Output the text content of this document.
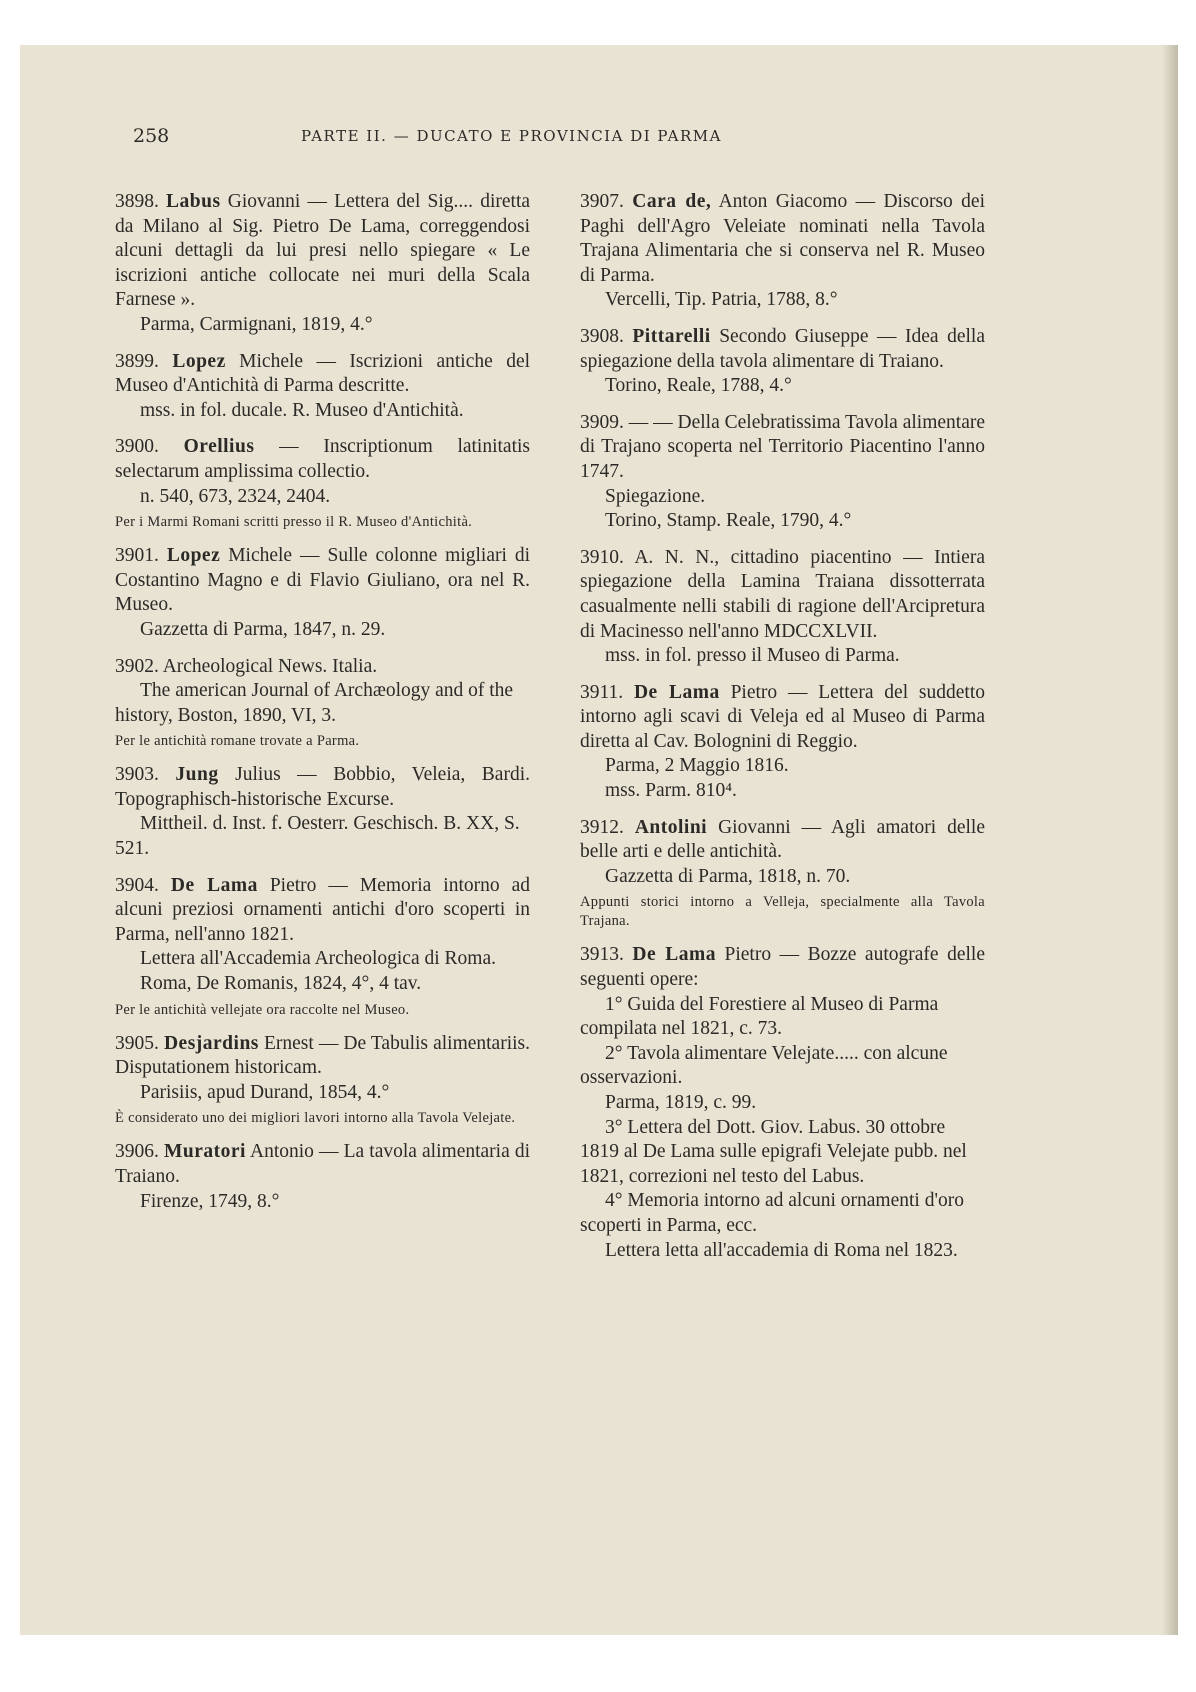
258	PARTE II. — DUCATO E PROVINCIA DI PARMA
3898. Labus Giovanni — Lettera del Sig.... diretta da Milano al Sig. Pietro De Lama, correggendosi alcuni dettagli da lui presi nello spiegare « Le iscrizioni antiche collocate nei muri della Scala Farnese ».
Parma, Carmignani, 1819, 4.°
3899. Lopez Michele — Iscrizioni antiche del Museo d'Antichità di Parma descritte.
mss. in fol. ducale. R. Museo d'Antichità.
3900. Orellius — Inscriptionum latinitatis selectarum amplissima collectio.
n. 540, 673, 2324, 2404.
Per i Marmi Romani scritti presso il R. Museo d'Antichità.
3901. Lopez Michele — Sulle colonne migliari di Costantino Magno e di Flavio Giuliano, ora nel R. Museo.
Gazzetta di Parma, 1847, n. 29.
3902. Archeological News. Italia.
The american Journal of Archæology and of the history, Boston, 1890, VI, 3.
Per le antichità romane trovate a Parma.
3903. Jung Julius — Bobbio, Veleia, Bardi. Topographisch-historische Excurse.
Mittheil. d. Inst. f. Oesterr. Geschisch. B. XX, S. 521.
3904. De Lama Pietro — Memoria intorno ad alcuni preziosi ornamenti antichi d'oro scoperti in Parma, nell'anno 1821.
Lettera all'Accademia Archeologica di Roma.
Roma, De Romanis, 1824, 4°, 4 tav.
Per le antichità vellejate ora raccolte nel Museo.
3905. Desjardins Ernest — De Tabulis alimentariis. Disputationem historicam.
Parisiis, apud Durand, 1854, 4.°
È considerato uno dei migliori lavori intorno alla Tavola Velejate.
3906. Muratori Antonio — La tavola alimentaria di Traiano.
Firenze, 1749, 8.°
3907. Cara de, Anton Giacomo — Discorso dei Paghi dell'Agro Veleiate nominati nella Tavola Trajana Alimentaria che si conserva nel R. Museo di Parma.
Vercelli, Tip. Patria, 1788, 8.°
3908. Pittarelli Secondo Giuseppe — Idea della spiegazione della tavola alimentare di Traiano.
Torino, Reale, 1788, 4.°
3909. — — Della Celebratissima Tavola alimentare di Trajano scoperta nel Territorio Piacentino l'anno 1747.
Spiegazione.
Torino, Stamp. Reale, 1790, 4.°
3910. A. N. N., cittadino piacentino — Intiera spiegazione della Lamina Traiana dissotterrata casualmente nelli stabili di ragione dell'Arcipretura di Macinesso nell'anno MDCCXLVII.
mss. in fol. presso il Museo di Parma.
3911. De Lama Pietro — Lettera del suddetto intorno agli scavi di Veleja ed al Museo di Parma diretta al Cav. Bolognini di Reggio.
Parma, 2 Maggio 1816.
mss. Parm. 810⁴.
3912. Antolini Giovanni — Agli amatori delle belle arti e delle antichità.
Gazzetta di Parma, 1818, n. 70.
Appunti storici intorno a Velleja, specialmente alla Tavola Trajana.
3913. De Lama Pietro — Bozze autografe delle seguenti opere:
1° Guida del Forestiere al Museo di Parma compilata nel 1821, c. 73.
2° Tavola alimentare Velejate..... con alcune osservazioni.
Parma, 1819, c. 99.
3° Lettera del Dott. Giov. Labus. 30 ottobre 1819 al De Lama sulle epigrafi Velejate pubb. nel 1821, correzioni nel testo del Labus.
4° Memoria intorno ad alcuni ornamenti d'oro scoperti in Parma, ecc.
Lettera letta all'accademia di Roma nel 1823.
